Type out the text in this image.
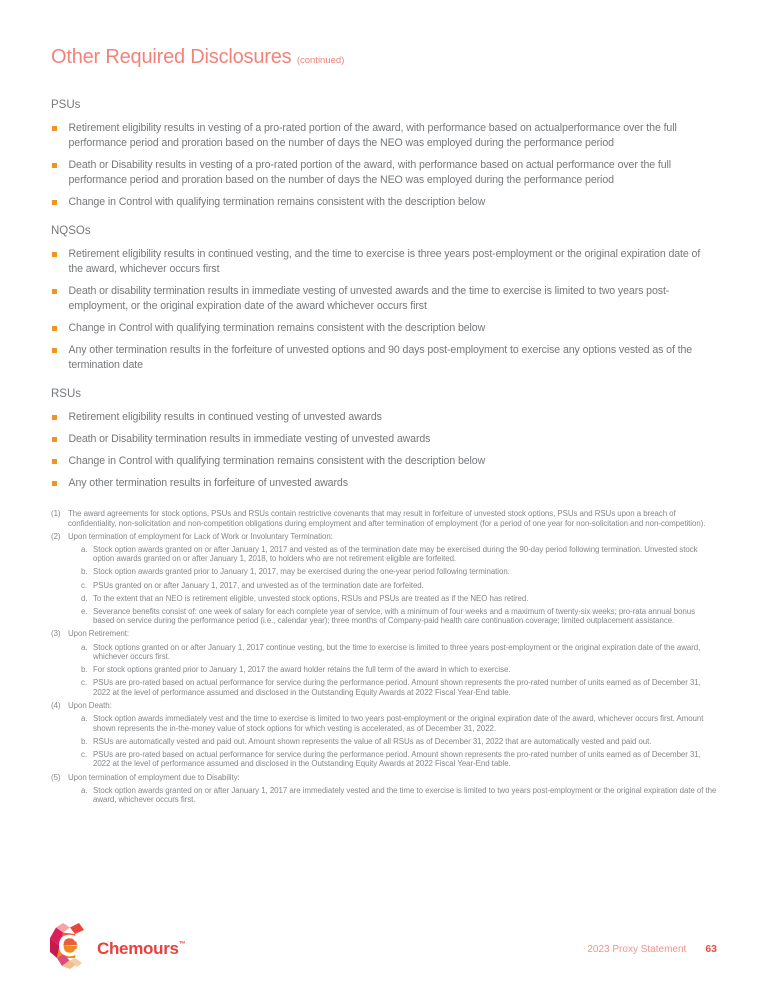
Other Required Disclosures (continued)
PSUs
Retirement eligibility results in vesting of a pro-rated portion of the award, with performance based on actualperformance over the full performance period and proration based on the number of days the NEO was employed during the performance period
Death or Disability results in vesting of a pro-rated portion of the award, with performance based on actual performance over the full performance period and proration based on the number of days the NEO was employed during the performance period
Change in Control with qualifying termination remains consistent with the description below
NQSOs
Retirement eligibility results in continued vesting, and the time to exercise is three years post-employment or the original expiration date of the award, whichever occurs first
Death or disability termination results in immediate vesting of unvested awards and the time to exercise is limited to two years post-employment, or the original expiration date of the award whichever occurs first
Change in Control with qualifying termination remains consistent with the description below
Any other termination results in the forfeiture of unvested options and 90 days post-employment to exercise any options vested as of the termination date
RSUs
Retirement eligibility results in continued vesting of unvested awards
Death or Disability termination results in immediate vesting of unvested awards
Change in Control with qualifying termination remains consistent with the description below
Any other termination results in forfeiture of unvested awards
(1) The award agreements for stock options, PSUs and RSUs contain restrictive covenants that may result in forfeiture of unvested stock options, PSUs and RSUs upon a breach of confidentiality, non-solicitation and non-competition obligations during employment and after termination of employment (for a period of one year for non-solicitation and non-competition).
(2) Upon termination of employment for Lack of Work or Involuntary Termination:
a. Stock option awards granted on or after January 1, 2017 and vested as of the termination date may be exercised during the 90-day period following termination. Unvested stock option awards granted on or after January 1, 2018, to holders who are not retirement eligible are forfeited.
b. Stock option awards granted prior to January 1, 2017, may be exercised during the one-year period following termination.
c. PSUs granted on or after January 1, 2017, and unvested as of the termination date are forfeited.
d. To the extent that an NEO is retirement eligible, unvested stock options, RSUs and PSUs are treated as if the NEO has retired.
e. Severance benefits consist of: one week of salary for each complete year of service, with a minimum of four weeks and a maximum of twenty-six weeks; pro-rata annual bonus based on service during the performance period (i.e., calendar year); three months of Company-paid health care continuation coverage; limited outplacement assistance.
(3) Upon Retirement:
a. Stock options granted on or after January 1, 2017 continue vesting, but the time to exercise is limited to three years post-employment or the original expiration date of the award, whichever occurs first.
b. For stock options granted prior to January 1, 2017 the award holder retains the full term of the award in which to exercise.
c. PSUs are pro-rated based on actual performance for service during the performance period. Amount shown represents the pro-rated number of units earned as of December 31, 2022 at the level of performance assumed and disclosed in the Outstanding Equity Awards at 2022 Fiscal Year-End table.
(4) Upon Death:
a. Stock option awards immediately vest and the time to exercise is limited to two years post-employment or the original expiration date of the award, whichever occurs first. Amount shown represents the in-the-money value of stock options for which vesting is accelerated, as of December 31, 2022.
b. RSUs are automatically vested and paid out. Amount shown represents the value of all RSUs as of December 31, 2022 that are automatically vested and paid out.
c. PSUs are pro-rated based on actual performance for service during the performance period. Amount shown represents the pro-rated number of units earned as of December 31, 2022 at the level of performance assumed and disclosed in the Outstanding Equity Awards at 2022 Fiscal Year-End table.
(5) Upon termination of employment due to Disability:
a. Stock option awards granted on or after January 1, 2017 are immediately vested and the time to exercise is limited to two years post-employment or the original expiration date of the award, whichever occurs first.
C Chemours™	2023 Proxy Statement 63
